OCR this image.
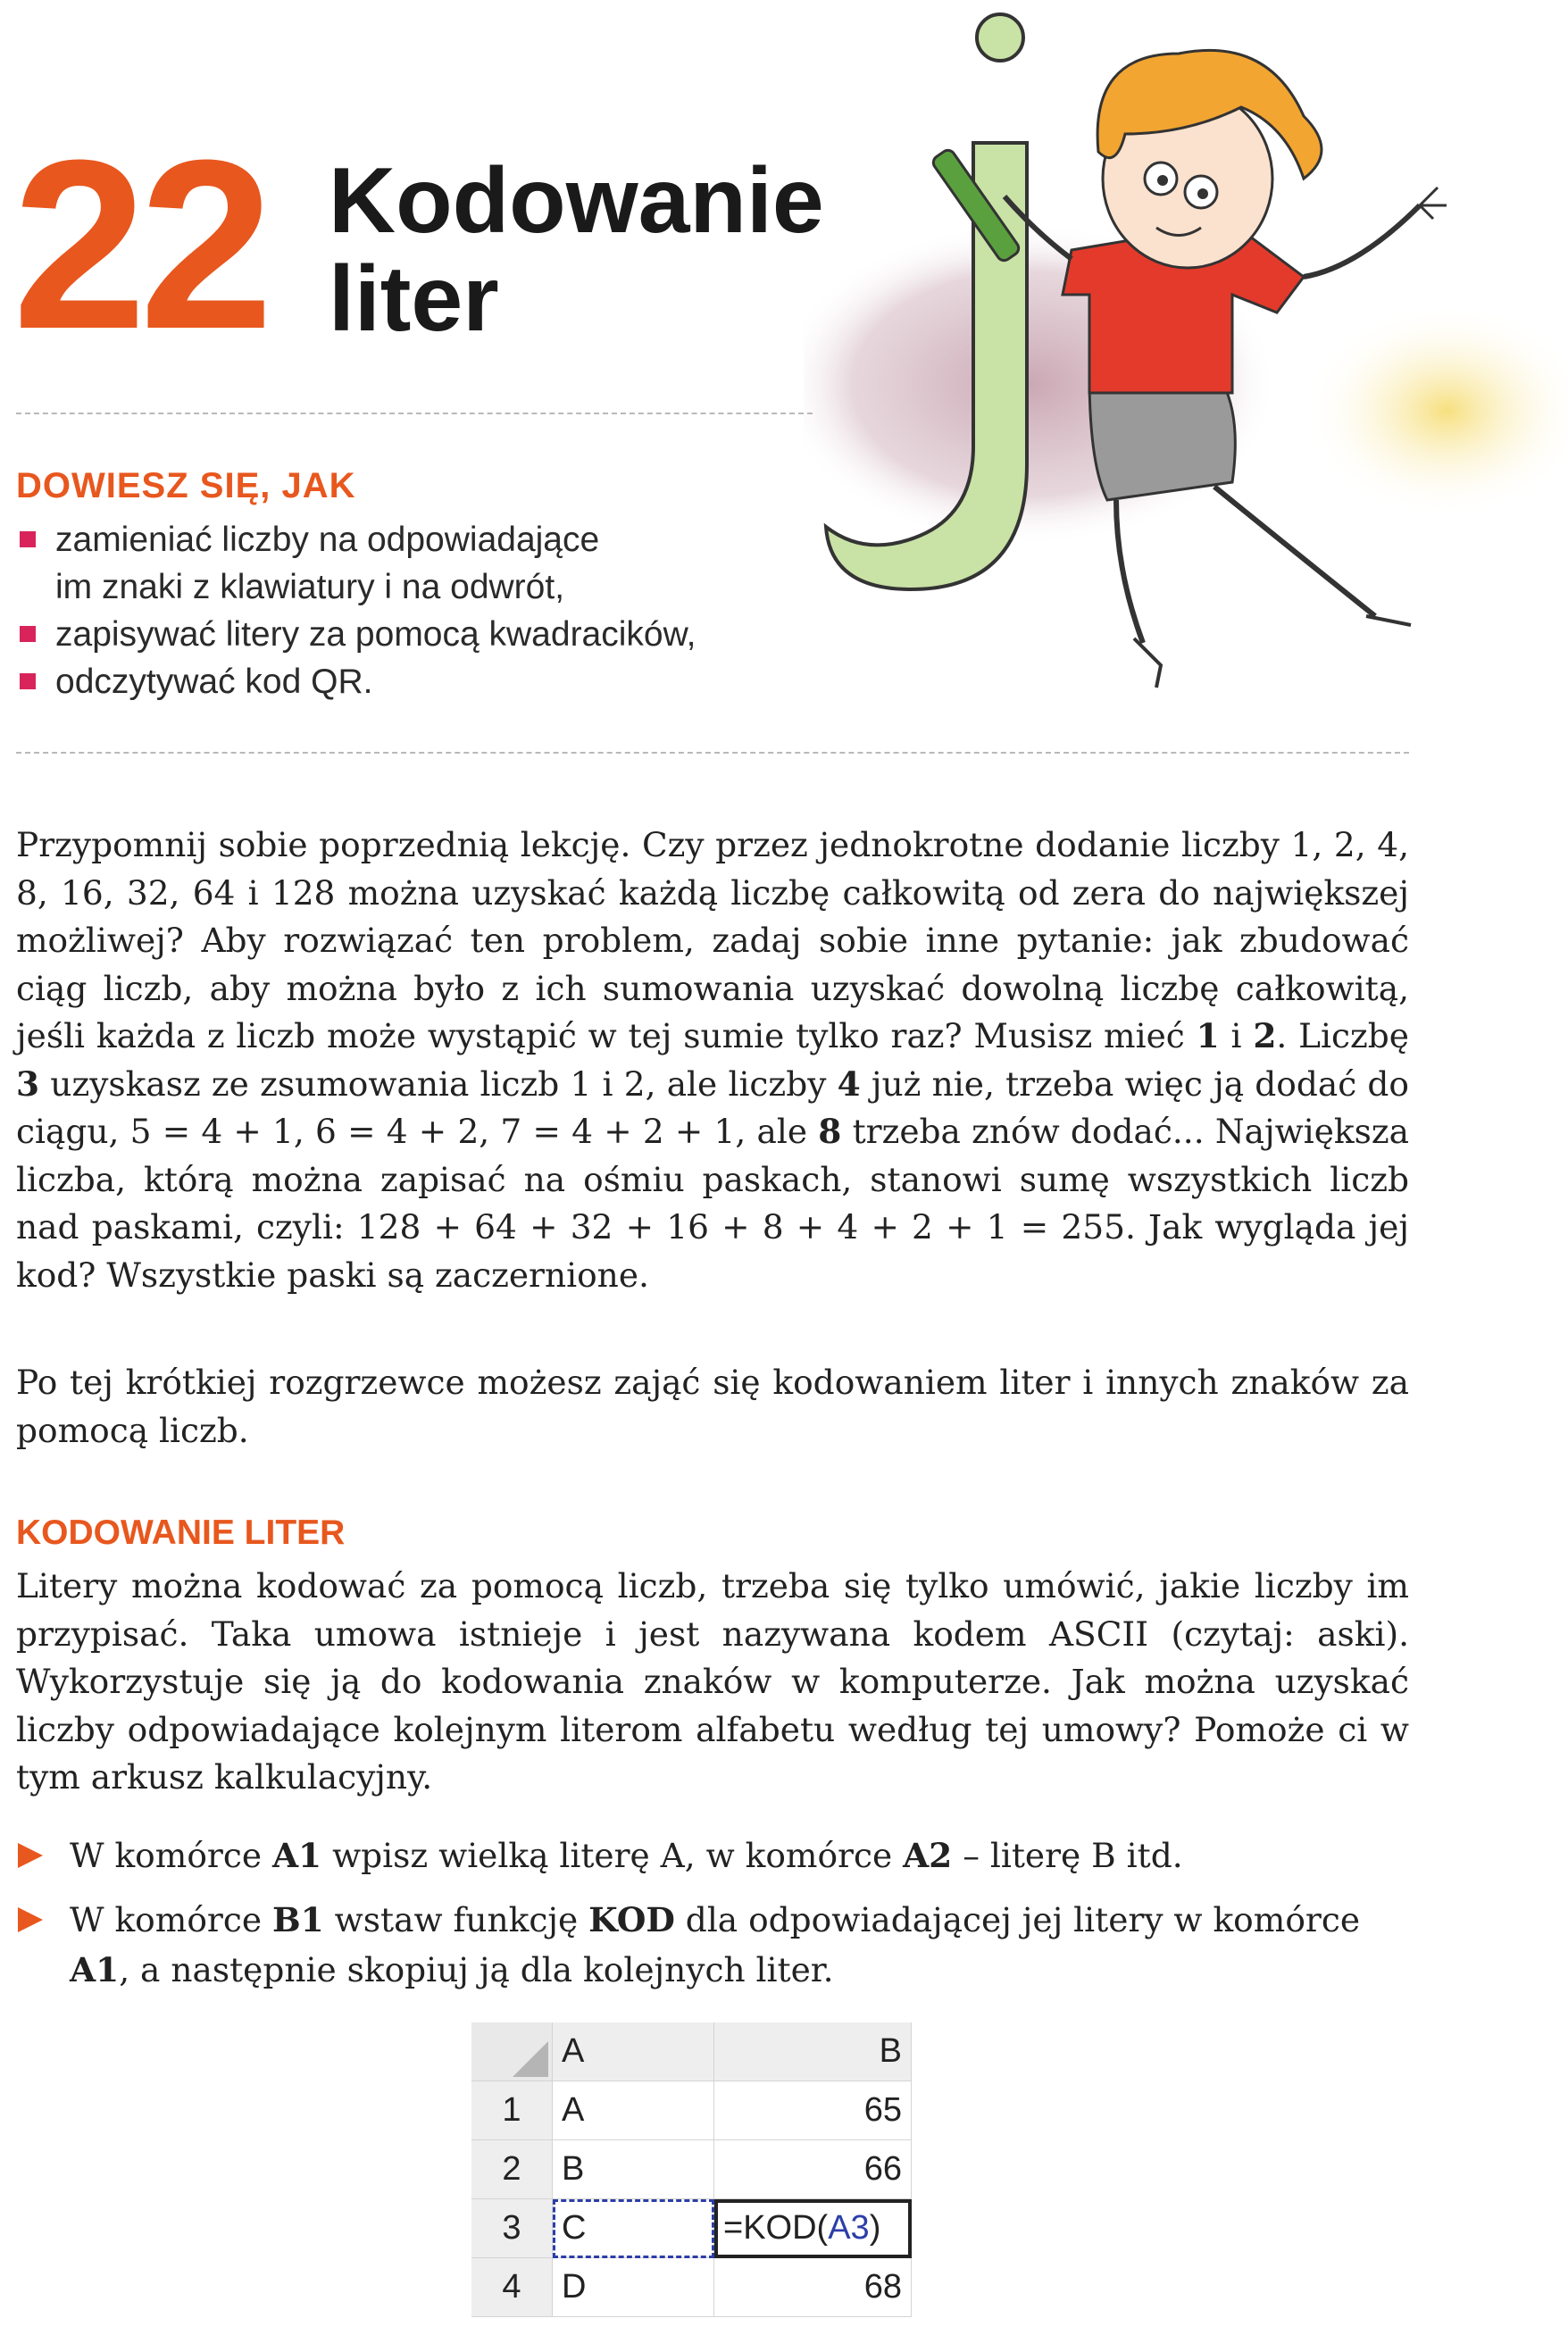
22 Kodowanie
liter
DOWIESZ SIĘ, JAK
zamieniać liczby na odpowiadające
im znaki z klawiatury i na odwrót,
zapisywać litery za pomocą kwadracików,
odczytywać kod QR.

Przypomnij sobie poprzednią lekcję. Czy przez jednokrotne dodanie liczby 1, 2, 4, 8, 16, 32, 64 i 128 można uzyskać każdą liczbę całkowitą od zera do największej możliwej? Aby rozwiązać ten problem, zadaj sobie inne pytanie: jak zbudować ciąg liczb, aby można było z ich sumowania uzyskać dowolną liczbę całkowitą, jeśli każda z liczb może wystąpić w tej sumie tylko raz? Musisz mieć 1 i 2. Liczbę 3 uzyskasz ze zsumowania liczb 1 i 2, ale liczby 4 już nie, trzeba więc ją dodać do ciągu, 5 = 4 + 1, 6 = 4 + 2, 7 = 4 + 2 + 1, ale 8 trzeba znów dodać... Największa liczba, którą można zapisać na ośmiu paskach, stanowi sumę wszystkich liczb nad paskami, czyli: 128 + 64 + 32 + 16 + 8 + 4 + 2 + 1 = 255. Jak wygląda jej kod? Wszystkie paski są zaczernione.

Po tej krótkiej rozgrzewce możesz zająć się kodowaniem liter i innych znaków za pomocą liczb.

KODOWANIE LITER

Litery można kodować za pomocą liczb, trzeba się tylko umówić, jakie liczby im przypisać. Taka umowa istnieje i jest nazywana kodem ASCII (czytaj: aski). Wykorzystuje się ją do kodowania znaków w komputerze. Jak można uzyskać liczby odpowiadające kolejnym literom alfabetu według tej umowy? Pomoże ci w tym arkusz kalkulacyjny.

W komórce A1 wpisz wielką literę A, w komórce A2 – literę B itd.
W komórce B1 wstaw funkcję KOD dla odpowiadającej jej litery w komórce A1, a następnie skopiuj ją dla kolejnych liter.
	A	B
1	A	65
2	B	66
3	C	=KOD(A3)
4	D	68
